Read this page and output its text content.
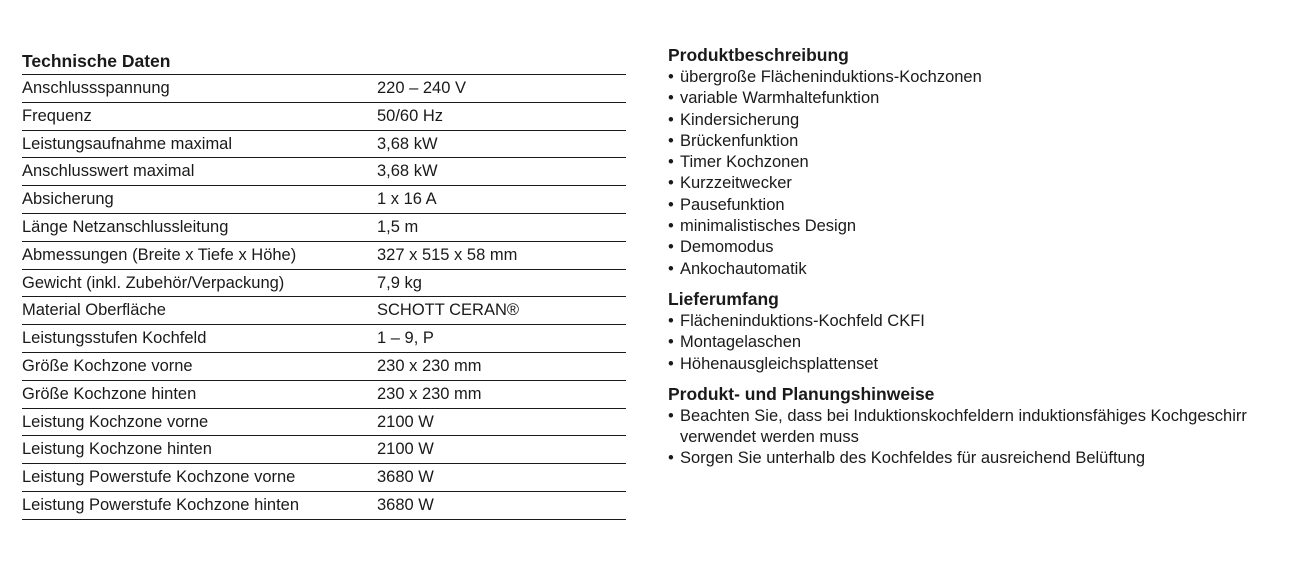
Technische Daten
Anschlussspannung	220 – 240 V
Frequenz	50/60 Hz
Leistungsaufnahme maximal	3,68 kW
Anschlusswert maximal	3,68 kW
Absicherung	1 x 16 A
Länge Netzanschlussleitung	1,5 m
Abmessungen (Breite x Tiefe x Höhe)	327 x 515 x 58 mm
Gewicht (inkl. Zubehör/Verpackung)	7,9 kg
Material Oberfläche	SCHOTT CERAN®
Leistungsstufen Kochfeld	1 – 9, P
Größe Kochzone vorne	230 x 230 mm
Größe Kochzone hinten	230 x 230 mm
Leistung Kochzone vorne	2100 W
Leistung Kochzone hinten	2100 W
Leistung Powerstufe Kochzone vorne	3680 W
Leistung Powerstufe Kochzone hinten	3680 W
Produktbeschreibung
• übergroße Flächeninduktions-Kochzonen
• variable Warmhaltefunktion
• Kindersicherung
• Brückenfunktion
• Timer Kochzonen
• Kurzzeitwecker
• Pausefunktion
• minimalistisches Design
• Demomodus
• Ankochautomatik
Lieferumfang
• Flächeninduktions-Kochfeld CKFI
• Montagelaschen
• Höhenausgleichsplattenset
Produkt- und Planungshinweise
• Beachten Sie, dass bei Induktionskochfeldern induktionsfähiges Kochgeschirr verwendet werden muss
• Sorgen Sie unterhalb des Kochfeldes für ausreichend Belüftung
